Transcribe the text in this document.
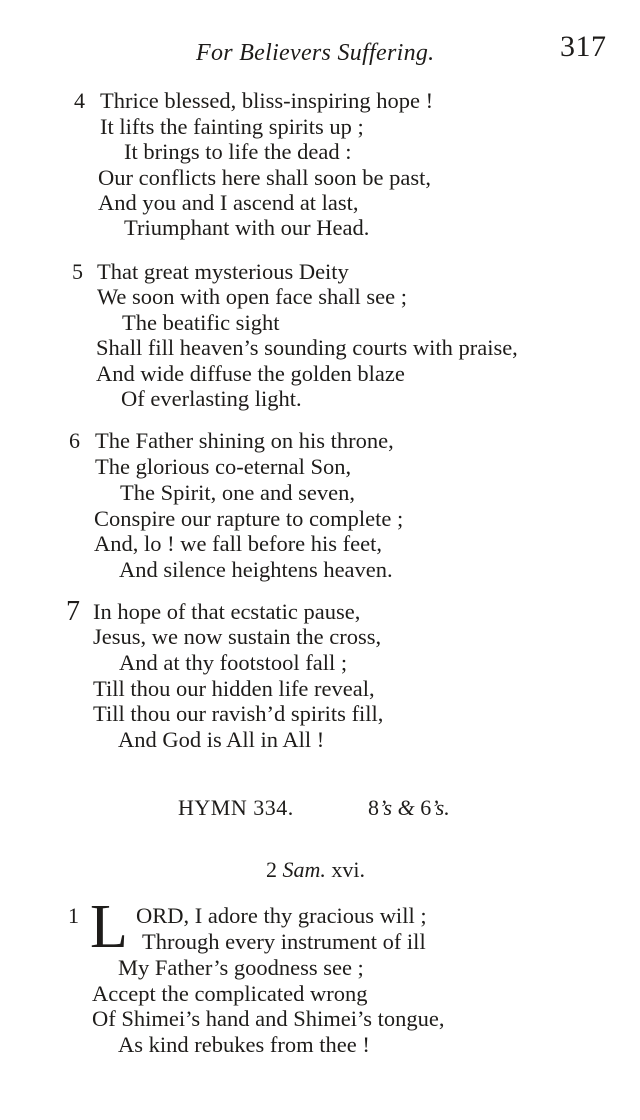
For Believers Suffering.	317
4 Thrice blessed, bliss-inspiring hope !
It lifts the fainting spirits up ;
It brings to life the dead :
Our conflicts here shall soon be past,
And you and I ascend at last,
Triumphant with our Head.
5 That great mysterious Deity
We soon with open face shall see ;
The beatific sight
Shall fill heaven’s sounding courts with praise,
And wide diffuse the golden blaze
Of everlasting light.
6 The Father shining on his throne,
The glorious co-eternal Son,
The Spirit, one and seven,
Conspire our rapture to complete ;
And, lo ! we fall before his feet,
And silence heightens heaven.
7 In hope of that ecstatic pause,
Jesus, we now sustain the cross,
And at thy footstool fall ;
Till thou our hidden life reveal,
Till thou our ravish’d spirits fill,
And God is All in All !
HYMN 334.	8’s & 6’s.
2 Sam. xvi.
1 L ORD, I adore thy gracious will ;
Through every instrument of ill
My Father’s goodness see ;
Accept the complicated wrong
Of Shimei’s hand and Shimei’s tongue,
As kind rebukes from thee !
